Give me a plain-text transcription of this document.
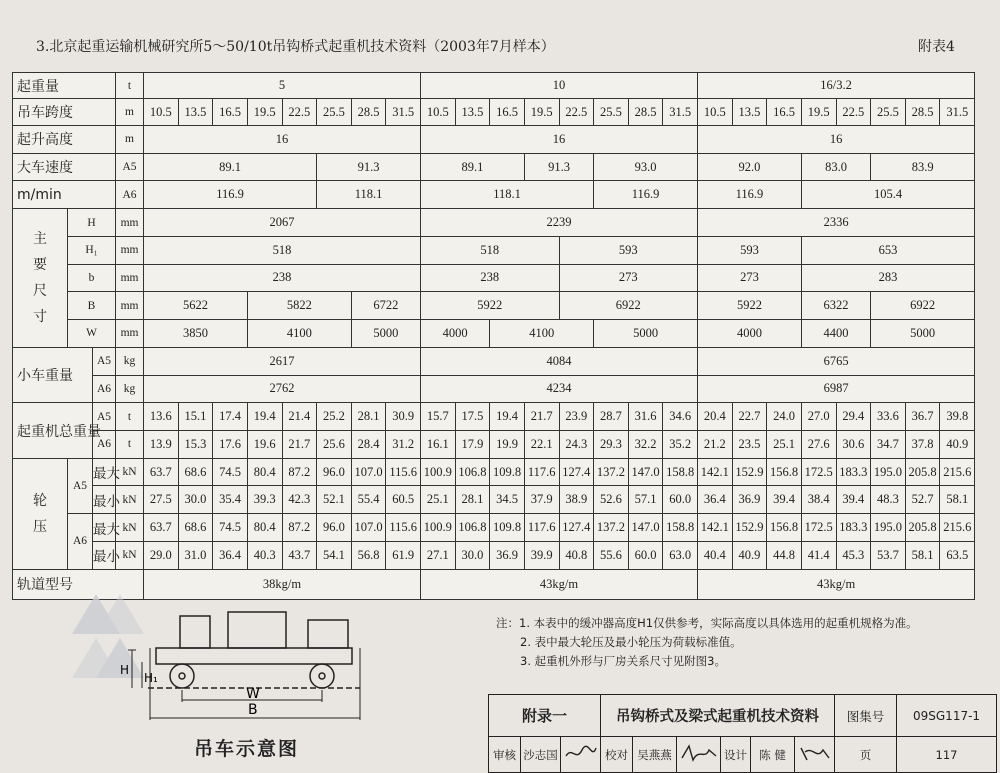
3.北京起重运输机械研究所5～50/10t吊钩桥式起重机技术资料（2003年7月样本）	附表4
起重量			t	5								10								16/3.2							
吊车跨度			m	10.5	13.5	16.5	19.5	22.5	25.5	28.5	31.5	10.5	13.5	16.5	19.5	22.5	25.5	28.5	31.5	10.5	13.5	16.5	19.5	22.5	25.5	28.5	31.5
起升高度			m	16								16								16							
大车速度			A5	89.1					91.3			89.1			91.3		93.0			92.0			83.0		83.9		
m/min			A6	116.9					118.1			118.1					116.9			116.9			105.4				
主要尺寸	H		mm	2067								2239								2336							
	H₁		mm	518								518				593				593			653				
	b		mm	238								238				273				273			283				
	B		mm	5622			5822			6722		5922				6922				5922			6322		6922		
	W		mm	3850			4100			5000		4000		4100			5000			4000			4400		5000		
小车重量		A5	kg	2617								4084								6765							
		A6	kg	2762								4234								6987							
起重机总重量		A5	t	13.6	15.1	17.4	19.4	21.4	25.2	28.1	30.9	15.7	17.5	19.4	21.7	23.9	28.7	31.6	34.6	20.4	22.7	24.0	27.0	29.4	33.6	36.7	39.8
		A6	t	13.9	15.3	17.6	19.6	21.7	25.6	28.4	31.2	16.1	17.9	19.9	22.1	24.3	29.3	32.2	35.2	21.2	23.5	25.1	27.6	30.6	34.7	37.8	40.9
轮压	A5	最大	kN	63.7	68.6	74.5	80.4	87.2	96.0	107.0	115.6	100.9	106.8	109.8	117.6	127.4	137.2	147.0	158.8	142.1	152.9	156.8	172.5	183.3	195.0	205.8	215.6
		最小	kN	27.5	30.0	35.4	39.3	42.3	52.1	55.4	60.5	25.1	28.1	34.5	37.9	38.9	52.6	57.1	60.0	36.4	36.9	39.4	38.4	39.4	48.3	52.7	58.1
	A6	最大	kN	63.7	68.6	74.5	80.4	87.2	96.0	107.0	115.6	100.9	106.8	109.8	117.6	127.4	137.2	147.0	158.8	142.1	152.9	156.8	172.5	183.3	195.0	205.8	215.6
		最小	kN	29.0	31.0	36.4	40.3	43.7	54.1	56.8	61.9	27.1	30.0	36.9	39.9	40.8	55.6	60.0	63.0	40.4	40.9	44.8	41.4	45.3	53.7	58.1	63.5
轨道型号				38kg/m								43kg/m								43kg/m							
注：1. 本表中的缓冲器高度H1仅供参考，实际高度以具体选用的起重机规格为准。
2. 表中最大轮压及最小轮压为荷载标准值。
3. 起重机外形与厂房关系尺寸见附图3。
H
H₁
W
B
吊车示意图
附录一			吊钩桥式及梁式起重机技术资料						图集号	09SG117-1
审核	沙志国		校对	吴燕燕		设计	陈 健		页	117
